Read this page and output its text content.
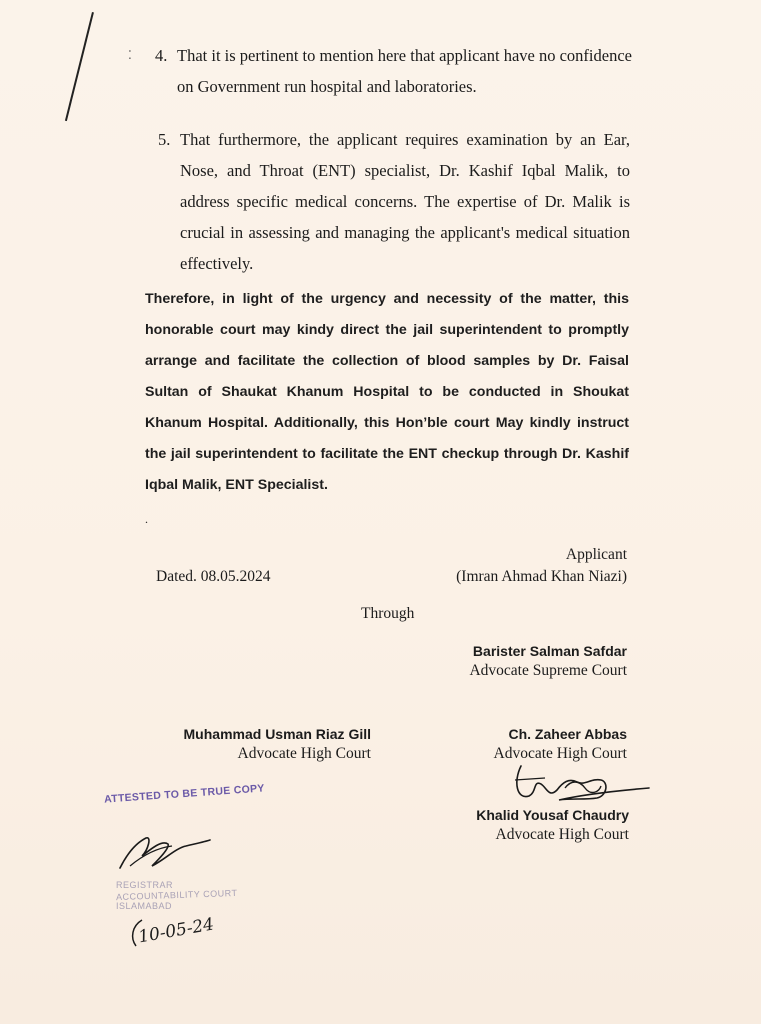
⁚ 4. That it is pertinent to mention here that applicant have no confidence on Government run hospital and laboratories.

5. That furthermore, the applicant requires examination by an Ear, Nose, and Throat (ENT) specialist, Dr. Kashif Iqbal Malik, to address specific medical concerns. The expertise of Dr. Malik is crucial in assessing and managing the applicant's medical situation effectively.

Therefore, in light of the urgency and necessity of the matter, this honorable court may kindy direct the jail superintendent to promptly arrange and facilitate the collection of blood samples by Dr. Faisal Sultan of Shaukat Khanum Hospital to be conducted in Shoukat Khanum Hospital. Additionally, this Hon’ble court May kindly instruct the jail superintendent to facilitate the ENT checkup through Dr. Kashif Iqbal Malik, ENT Specialist.

.
Applicant
(Imran Ahmad Khan Niazi)
Dated. 08.05.2024
Through
Barister Salman Safdar
Advocate Supreme Court
Muhammad Usman Riaz Gill
Advocate High Court
Ch. Zaheer Abbas
Advocate High Court
Khalid Yousaf Chaudry
Advocate High Court
ATTESTED TO BE TRUE COPY
REGISTRAR
ACCOUNTABILITY COURT
ISLAMABAD
10-05-24
